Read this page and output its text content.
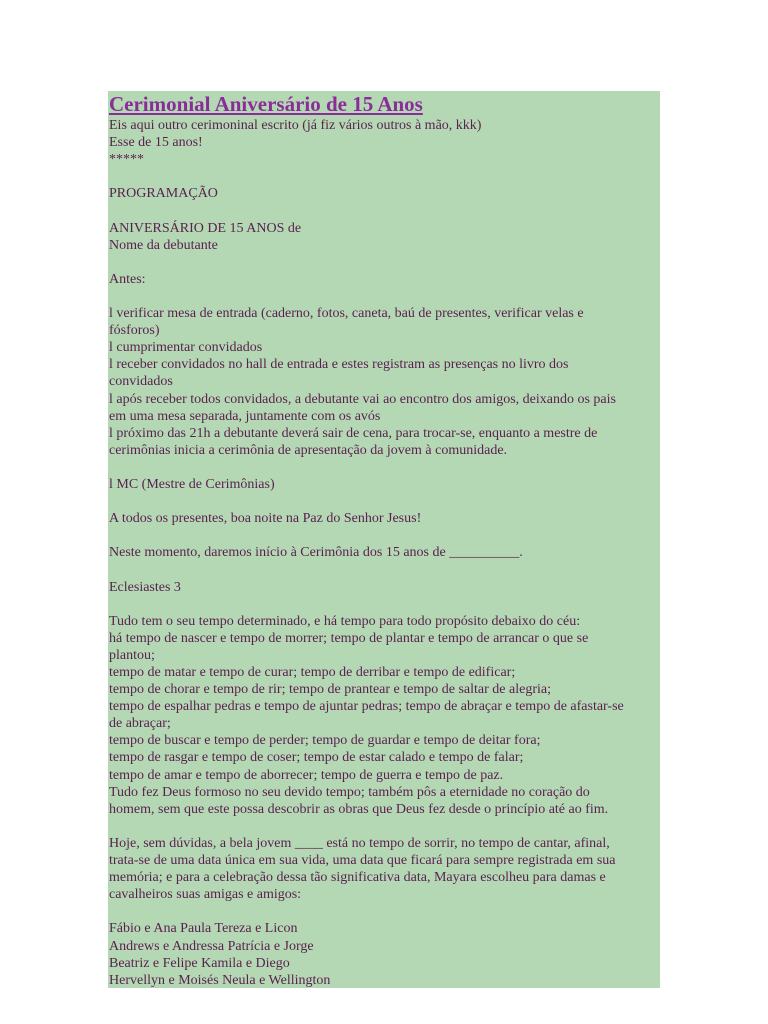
Cerimonial Aniversário de 15 Anos

Eis aqui outro cerimoninal escrito (já fiz vários outros à mão, kkk)

Esse de 15 anos!

*****

PROGRAMAÇÃO

ANIVERSÁRIO DE 15 ANOS de

Nome da debutante

Antes:

l verificar mesa de entrada (caderno, fotos, caneta, baú de presentes, verificar velas e

fósforos)

l cumprimentar convidados

l receber convidados no hall de entrada e estes registram as presenças no livro dos

convidados

l após receber todos convidados, a debutante vai ao encontro dos amigos, deixando os pais

em uma mesa separada, juntamente com os avós

l próximo das 21h a debutante deverá sair de cena, para trocar-se, enquanto a mestre de

cerimônias inicia a cerimônia de apresentação da jovem à comunidade.

l MC (Mestre de Cerimônias)

A todos os presentes, boa noite na Paz do Senhor Jesus!

Neste momento, daremos início à Cerimônia dos 15 anos de __________.

Eclesiastes 3

Tudo tem o seu tempo determinado, e há tempo para todo propósito debaixo do céu:

há tempo de nascer e tempo de morrer; tempo de plantar e tempo de arrancar o que se

plantou;

tempo de matar e tempo de curar; tempo de derribar e tempo de edificar;

tempo de chorar e tempo de rir; tempo de prantear e tempo de saltar de alegria;

tempo de espalhar pedras e tempo de ajuntar pedras; tempo de abraçar e tempo de afastar-se

de abraçar;

tempo de buscar e tempo de perder; tempo de guardar e tempo de deitar fora;

tempo de rasgar e tempo de coser; tempo de estar calado e tempo de falar;

tempo de amar e tempo de aborrecer; tempo de guerra e tempo de paz.

Tudo fez Deus formoso no seu devido tempo; também pôs a eternidade no coração do

homem, sem que este possa descobrir as obras que Deus fez desde o princípio até ao fim.

Hoje, sem dúvidas, a bela jovem ____ está no tempo de sorrir, no tempo de cantar, afinal,

trata-se de uma data única em sua vida, uma data que ficará para sempre registrada em sua

memória; e para a celebração dessa tão significativa data, Mayara escolheu para damas e

cavalheiros suas amigas e amigos:

Fábio e Ana Paula Tereza e Licon

Andrews e Andressa Patrícia e Jorge

Beatriz e Felipe Kamila e Diego

Hervellyn e Moisés Neula e Wellington
